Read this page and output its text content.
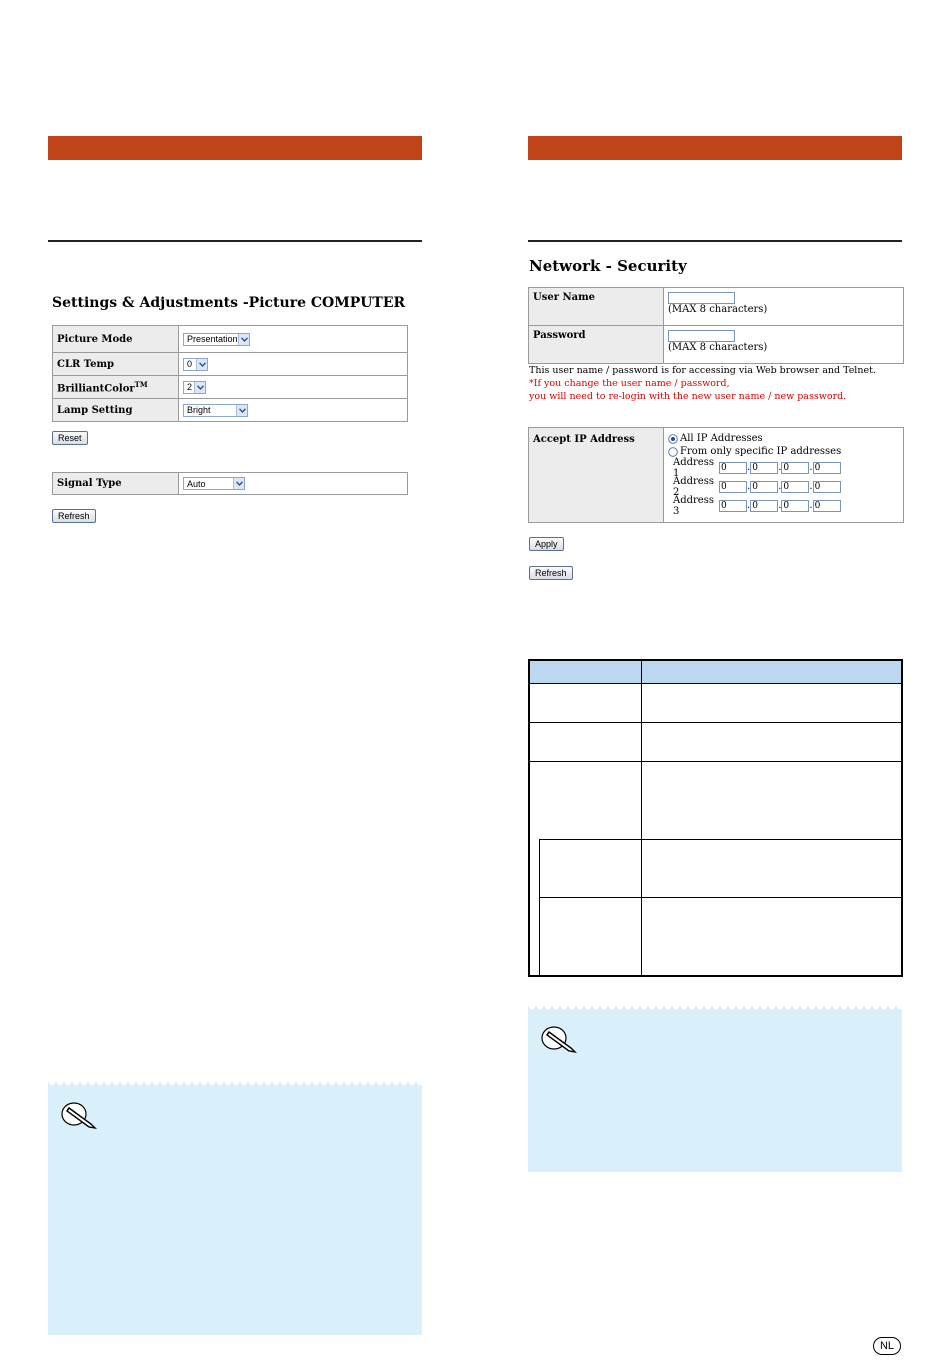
Settings & Adjustments -Picture COMPUTER
Picture Mode	Presentation

CLR Temp	0

BrilliantColor™	2

Lamp Setting	Bright
Reset
Signal Type	Auto
Refresh
Network - Security
User Name	(MAX 8 characters)
Password	(MAX 8 characters)
This user name / password is for accessing via Web browser and Telnet.
*If you change the user name / password,
you will need to re-login with the new user name / new password.
Accept IP Address	All IP Addresses
From only specific IP addresses
Address 1	0	. 0	. 0	. 0
Address 2	0	. 0	. 0	. 0
Address 3	0	. 0	. 0	. 0
Apply
Refresh
NL
